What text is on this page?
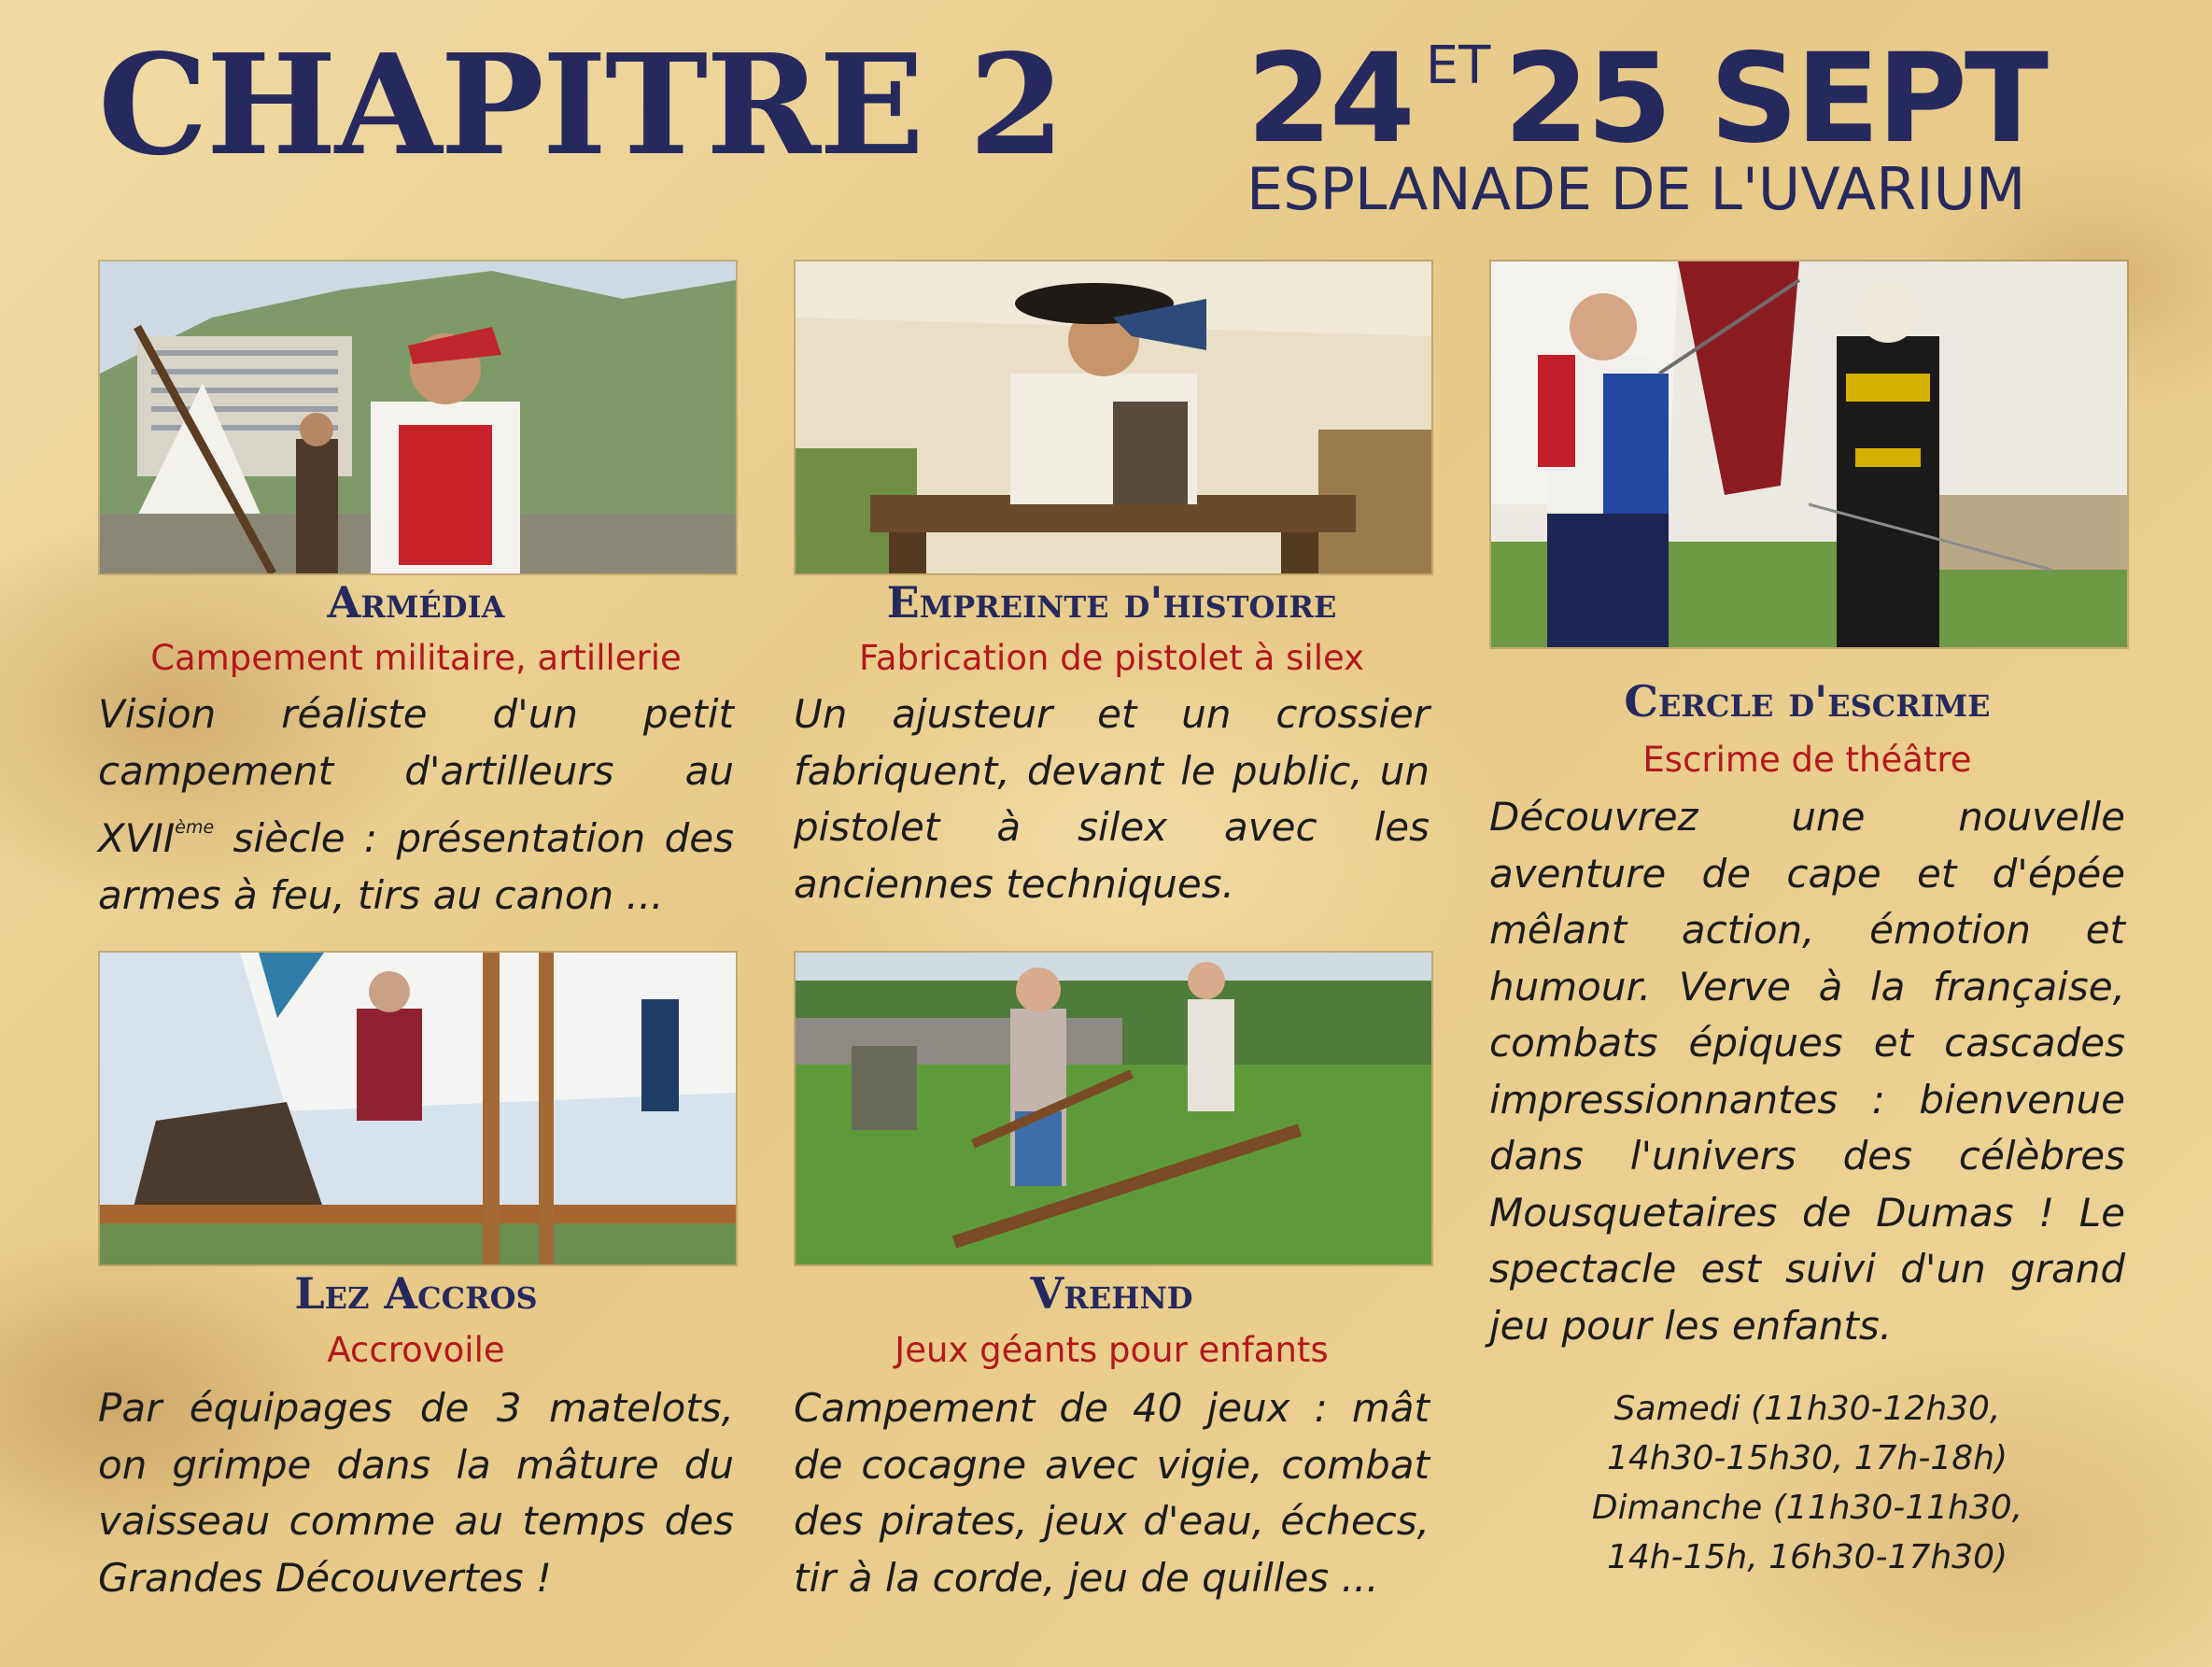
CHAPITRE 2 24 $^{ET}$ 25 SEPT
ESPLANADE DE L'UVARIUM
Armédia
Campement militaire, artillerie

Vision réaliste d'un petit campement d'artilleurs au XVIIème siècle : présentation des armes à feu, tirs au canon ...

Empreinte d'histoire
Fabrication de pistolet à silex

Un ajusteur et un crossier fabriquent, devant le public, un pistolet à silex avec les anciennes techniques.

Cercle d'escrime
Escrime de théâtre

Découvrez une nouvelle aventure de cape et d'épée mêlant action, émotion et humour. Verve à la française, combats épiques et cascades impressionnantes : bienvenue dans l'univers des célèbres Mousquetaires de Dumas ! Le spectacle est suivi d'un grand jeu pour les enfants.

Samedi (11h30-12h30,
14h30-15h30, 17h-18h)
Dimanche (11h30-11h30,
14h-15h, 16h30-17h30)
Lez Accros
Accrovoile

Par équipages de 3 matelots, on grimpe dans la mâture du vaisseau comme au temps des Grandes Découvertes !

Vrehnd
Jeux géants pour enfants

Campement de 40 jeux : mât de cocagne avec vigie, combat des pirates, jeux d'eau, échecs, tir à la corde, jeu de quilles ...
